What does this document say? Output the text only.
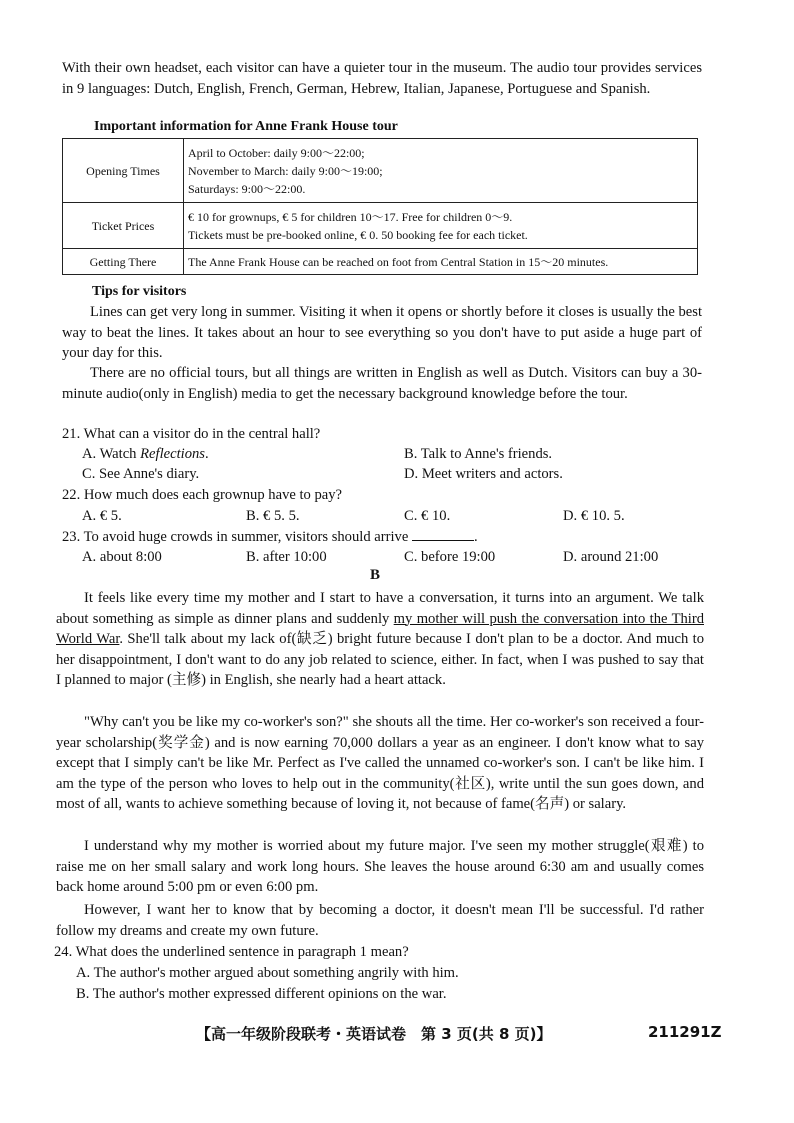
With their own headset, each visitor can have a quieter tour in the museum. The audio tour provides services in 9 languages: Dutch, English, French, German, Hebrew, Italian, Japanese, Portuguese and Spanish.

Important information for Anne Frank House tour
Opening Times	April to October: daily 9:00～22:00;
November to March: daily 9:00～19:00;
Saturdays: 9:00～22:00.

Ticket Prices	€ 10 for grownups, € 5 for children 10～17. Free for children 0～9.
Tickets must be pre-booked online, € 0. 50 booking fee for each ticket.

Getting There	The Anne Frank House can be reached on foot from Central Station in 15～20 minutes.
Tips for visitors

Lines can get very long in summer. Visiting it when it opens or shortly before it closes is usually the best way to beat the lines. It takes about an hour to see everything so you don't have to put aside a huge part of your day for this.

There are no official tours, but all things are written in English as well as Dutch. Visitors can buy a 30-minute audio(only in English) media to get the necessary background knowledge before the tour.

21. What can a visitor do in the central hall?
A. Watch Reflections.	B. Talk to Anne's friends.
C. See Anne's diary.	D. Meet writers and actors.
22. How much does each grownup have to pay?
A. € 5.	B. € 5. 5.	C. € 10.	D. € 10. 5.
23. To avoid huge crowds in summer, visitors should arrive	.
A. about 8:00	B. after 10:00	C. before 19:00	D. around 21:00
B

It feels like every time my mother and I start to have a conversation, it turns into an argument. We talk about something as simple as dinner plans and suddenly my mother will push the conversation into the Third World War. She'll talk about my lack of(缺乏) bright future because I don't plan to be a doctor. And much to her disappointment, I don't want to do any job related to science, either. In fact, when I was pushed to say that I planned to major (主修) in English, she nearly had a heart attack.

"Why can't you be like my co-worker's son?" she shouts all the time. Her co-worker's son received a four-year scholarship(奖学金) and is now earning 70,000 dollars a year as an engineer. I don't know what to say except that I simply can't be like Mr. Perfect as I've called the unnamed co-worker's son. I can't be like him. I am the type of the person who loves to help out in the community(社区), write until the sun goes down, and most of all, wants to achieve something because of loving it, not because of fame(名声) or salary.

I understand why my mother is worried about my future major. I've seen my mother struggle(艰难) to raise me on her small salary and work long hours. She leaves the house around 6:30 am and usually comes back home around 5:00 pm or even 6:00 pm.

However, I want her to know that by becoming a doctor, it doesn't mean I'll be successful. I'd rather follow my dreams and create my own future.

24. What does the underlined sentence in paragraph 1 mean?
A. The author's mother argued about something angrily with him.
B. The author's mother expressed different opinions on the war.
【高一年级阶段联考・英语试卷　第 3 页(共 8 页)】	211291Z
